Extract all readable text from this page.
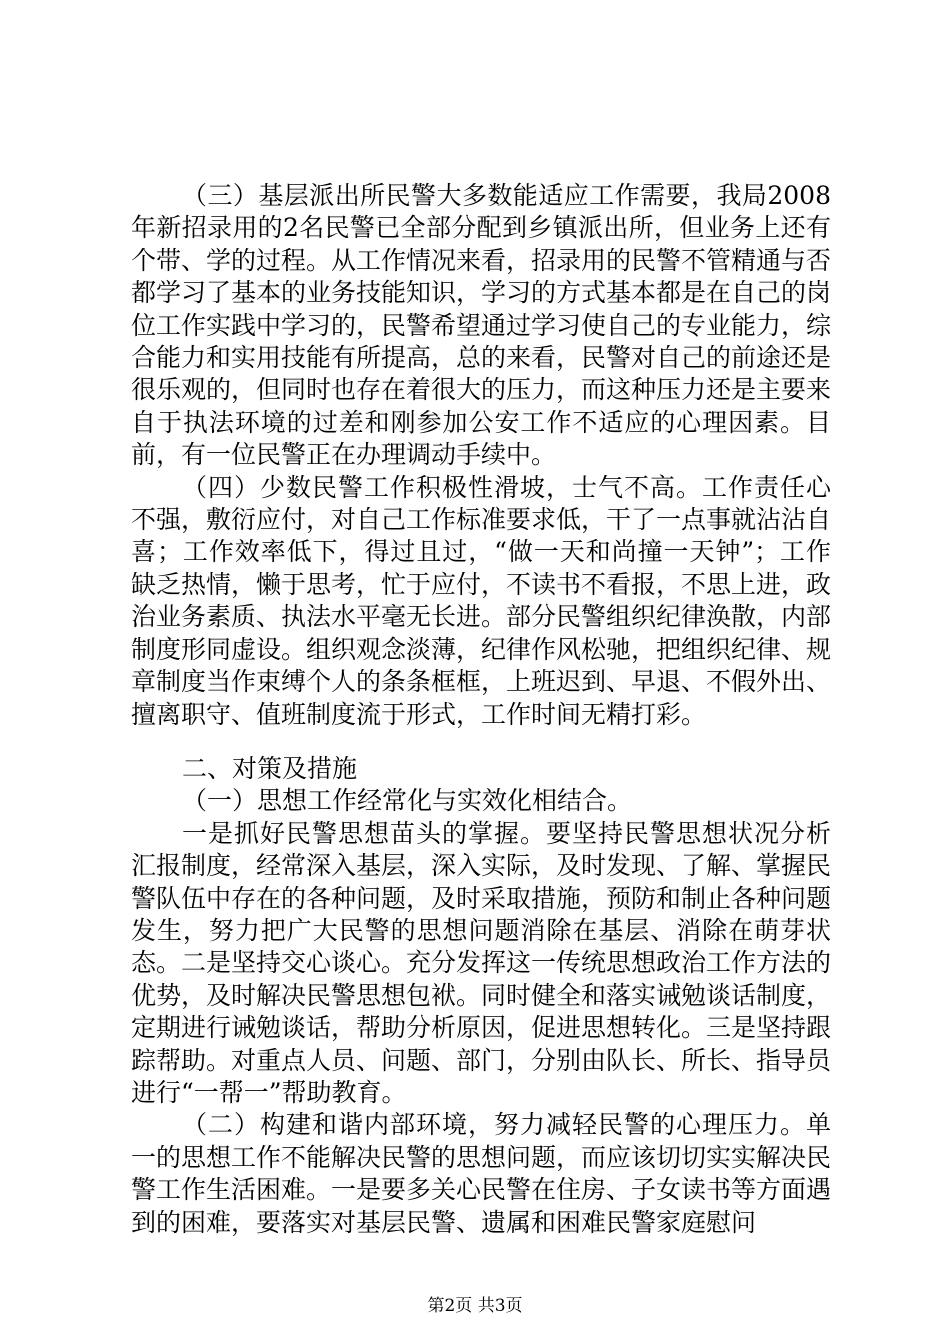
（三）基层派出所民警大多数能适应工作需要，我局2008年新招录用的2名民警已全部分配到乡镇派出所，但业务上还有个带、学的过程。从工作情况来看，招录用的民警不管精通与否都学习了基本的业务技能知识，学习的方式基本都是在自己的岗位工作实践中学习的，民警希望通过学习使自己的专业能力，综合能力和实用技能有所提高，总的来看，民警对自己的前途还是很乐观的，但同时也存在着很大的压力，而这种压力还是主要来自于执法环境的过差和刚参加公安工作不适应的心理因素。目前，有一位民警正在办理调动手续中。

（四）少数民警工作积极性滑坡，士气不高。工作责任心不强，敷衍应付，对自己工作标准要求低，干了一点事就沾沾自喜；工作效率低下，得过且过，“做一天和尚撞一天钟”；工作缺乏热情，懒于思考，忙于应付，不读书不看报，不思上进，政治业务素质、执法水平毫无长进。部分民警组织纪律涣散，内部制度形同虚设。组织观念淡薄，纪律作风松驰，把组织纪律、规章制度当作束缚个人的条条框框，上班迟到、早退、不假外出、擅离职守、值班制度流于形式，工作时间无精打彩。

二、对策及措施

（一）思想工作经常化与实效化相结合。

一是抓好民警思想苗头的掌握。要坚持民警思想状况分析汇报制度，经常深入基层，深入实际，及时发现、了解、掌握民警队伍中存在的各种问题，及时采取措施，预防和制止各种问题发生，努力把广大民警的思想问题消除在基层、消除在萌芽状态。二是坚持交心谈心。充分发挥这一传统思想政治工作方法的优势，及时解决民警思想包袱。同时健全和落实诫勉谈话制度，定期进行诫勉谈话，帮助分析原因，促进思想转化。三是坚持跟踪帮助。对重点人员、问题、部门，分别由队长、所长、指导员进行“一帮一”帮助教育。

（二）构建和谐内部环境，努力减轻民警的心理压力。单一的思想工作不能解决民警的思想问题，而应该切切实实解决民警工作生活困难。一是要多关心民警在住房、子女读书等方面遇到的困难，要落实对基层民警、遗属和困难民警家庭慰问

第2页 共3页
